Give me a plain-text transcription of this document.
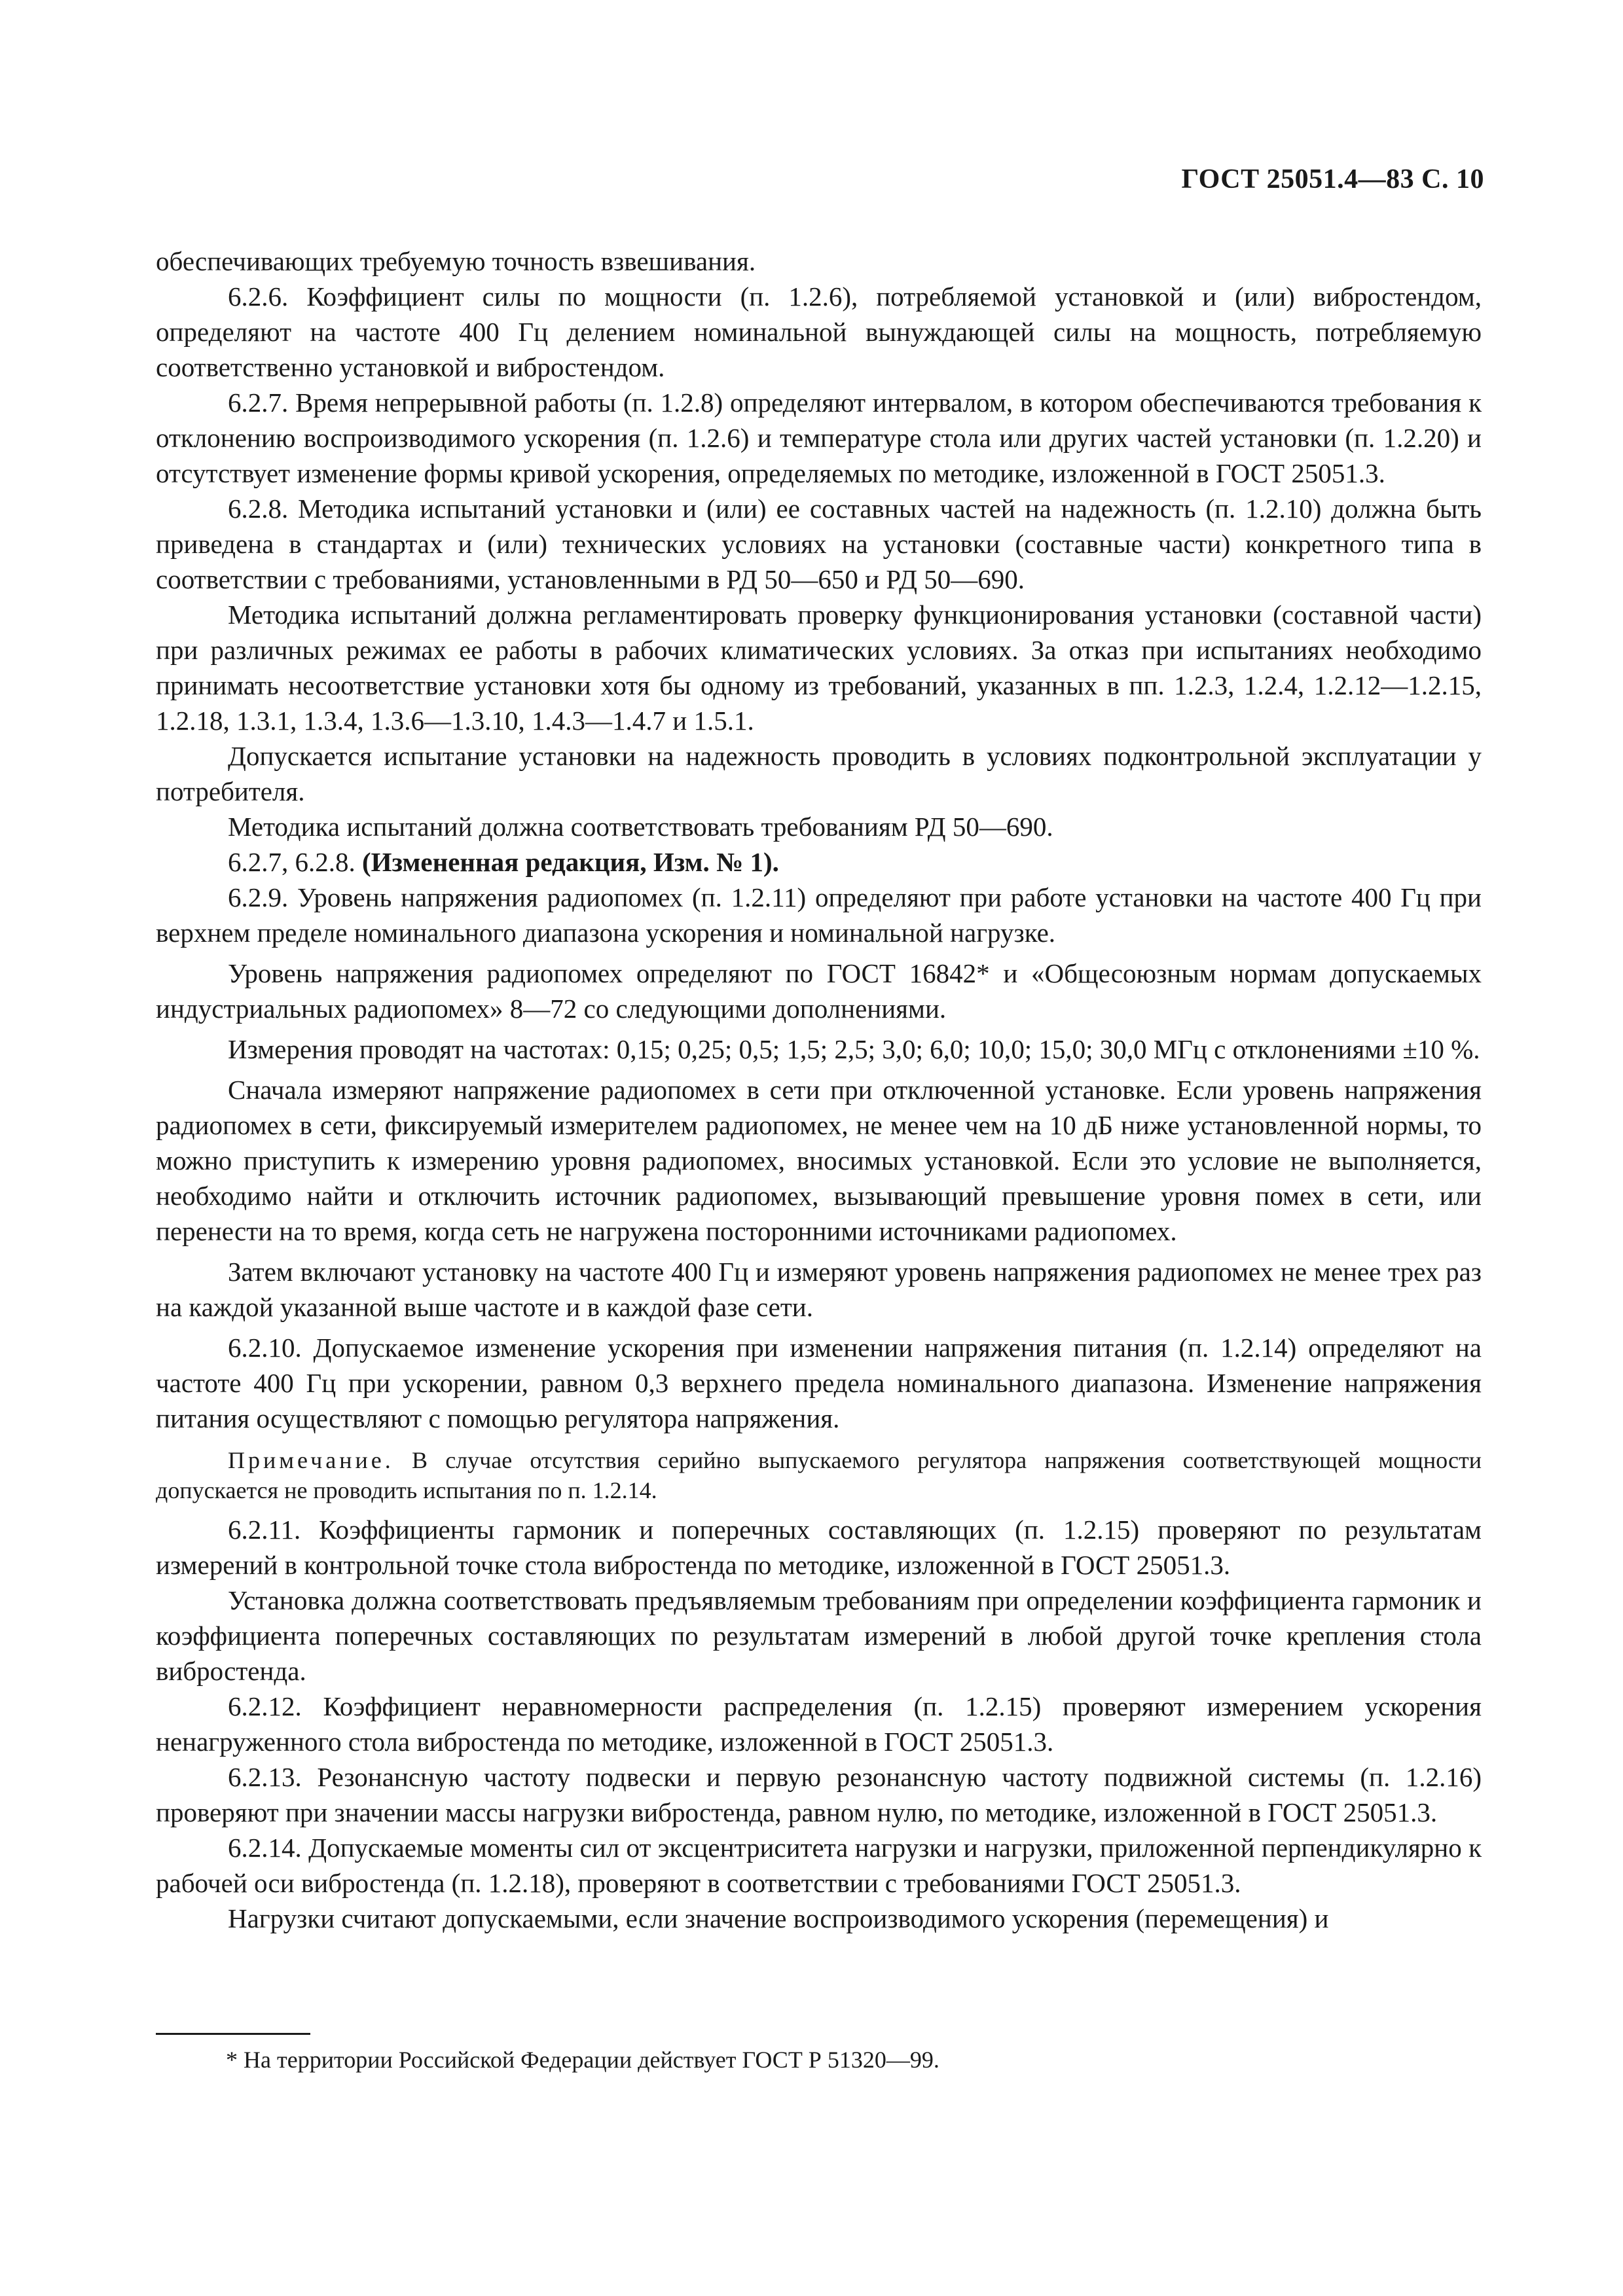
ГОСТ 25051.4—83 С. 10

обеспечивающих требуемую точность взвешивания.

6.2.6. Коэффициент силы по мощности (п. 1.2.6), потребляемой установкой и (или) вибростендом, определяют на частоте 400 Гц делением номинальной вынуждающей силы на мощность, потребляемую соответственно установкой и вибростендом.

6.2.7. Время непрерывной работы (п. 1.2.8) определяют интервалом, в котором обеспечиваются требования к отклонению воспроизводимого ускорения (п. 1.2.6) и температуре стола или других частей установки (п. 1.2.20) и отсутствует изменение формы кривой ускорения, определяемых по методике, изложенной в ГОСТ 25051.3.

6.2.8. Методика испытаний установки и (или) ее составных частей на надежность (п. 1.2.10) должна быть приведена в стандартах и (или) технических условиях на установки (составные части) конкретного типа в соответствии с требованиями, установленными в РД 50—650 и РД 50—690.

Методика испытаний должна регламентировать проверку функционирования установки (составной части) при различных режимах ее работы в рабочих климатических условиях. За отказ при испытаниях необходимо принимать несоответствие установки хотя бы одному из требований, указанных в пп. 1.2.3, 1.2.4, 1.2.12—1.2.15, 1.2.18, 1.3.1, 1.3.4, 1.3.6—1.3.10, 1.4.3—1.4.7 и 1.5.1.

Допускается испытание установки на надежность проводить в условиях подконтрольной эксплуатации у потребителя.

Методика испытаний должна соответствовать требованиям РД 50—690.

6.2.7, 6.2.8. (Измененная редакция, Изм. № 1).

6.2.9. Уровень напряжения радиопомех (п. 1.2.11) определяют при работе установки на частоте 400 Гц при верхнем пределе номинального диапазона ускорения и номинальной нагрузке.

Уровень напряжения радиопомех определяют по ГОСТ 16842* и «Общесоюзным нормам допускаемых индустриальных радиопомех» 8—72 со следующими дополнениями.

Измерения проводят на частотах: 0,15; 0,25; 0,5; 1,5; 2,5; 3,0; 6,0; 10,0; 15,0; 30,0 МГц с отклонениями ±10 %.

Сначала измеряют напряжение радиопомех в сети при отключенной установке. Если уровень напряжения радиопомех в сети, фиксируемый измерителем радиопомех, не менее чем на 10 дБ ниже установленной нормы, то можно приступить к измерению уровня радиопомех, вносимых установкой. Если это условие не выполняется, необходимо найти и отключить источник радиопомех, вызывающий превышение уровня помех в сети, или перенести на то время, когда сеть не нагружена посторонними источниками радиопомех.

Затем включают установку на частоте 400 Гц и измеряют уровень напряжения радиопомех не менее трех раз на каждой указанной выше частоте и в каждой фазе сети.

6.2.10. Допускаемое изменение ускорения при изменении напряжения питания (п. 1.2.14) определяют на частоте 400 Гц при ускорении, равном 0,3 верхнего предела номинального диапазона. Изменение напряжения питания осуществляют с помощью регулятора напряжения.

Примечание. В случае отсутствия серийно выпускаемого регулятора напряжения соответствующей мощности допускается не проводить испытания по п. 1.2.14.

6.2.11. Коэффициенты гармоник и поперечных составляющих (п. 1.2.15) проверяют по результатам измерений в контрольной точке стола вибростенда по методике, изложенной в ГОСТ 25051.3.

Установка должна соответствовать предъявляемым требованиям при определении коэффициента гармоник и коэффициента поперечных составляющих по результатам измерений в любой другой точке крепления стола вибростенда.

6.2.12. Коэффициент неравномерности распределения (п. 1.2.15) проверяют измерением ускорения ненагруженного стола вибростенда по методике, изложенной в ГОСТ 25051.3.

6.2.13. Резонансную частоту подвески и первую резонансную частоту подвижной системы (п. 1.2.16) проверяют при значении массы нагрузки вибростенда, равном нулю, по методике, изложенной в ГОСТ 25051.3.

6.2.14. Допускаемые моменты сил от эксцентриситета нагрузки и нагрузки, приложенной перпендикулярно к рабочей оси вибростенда (п. 1.2.18), проверяют в соответствии с требованиями ГОСТ 25051.3.

Нагрузки считают допускаемыми, если значение воспроизводимого ускорения (перемещения) и

* На территории Российской Федерации действует ГОСТ Р 51320—99.
